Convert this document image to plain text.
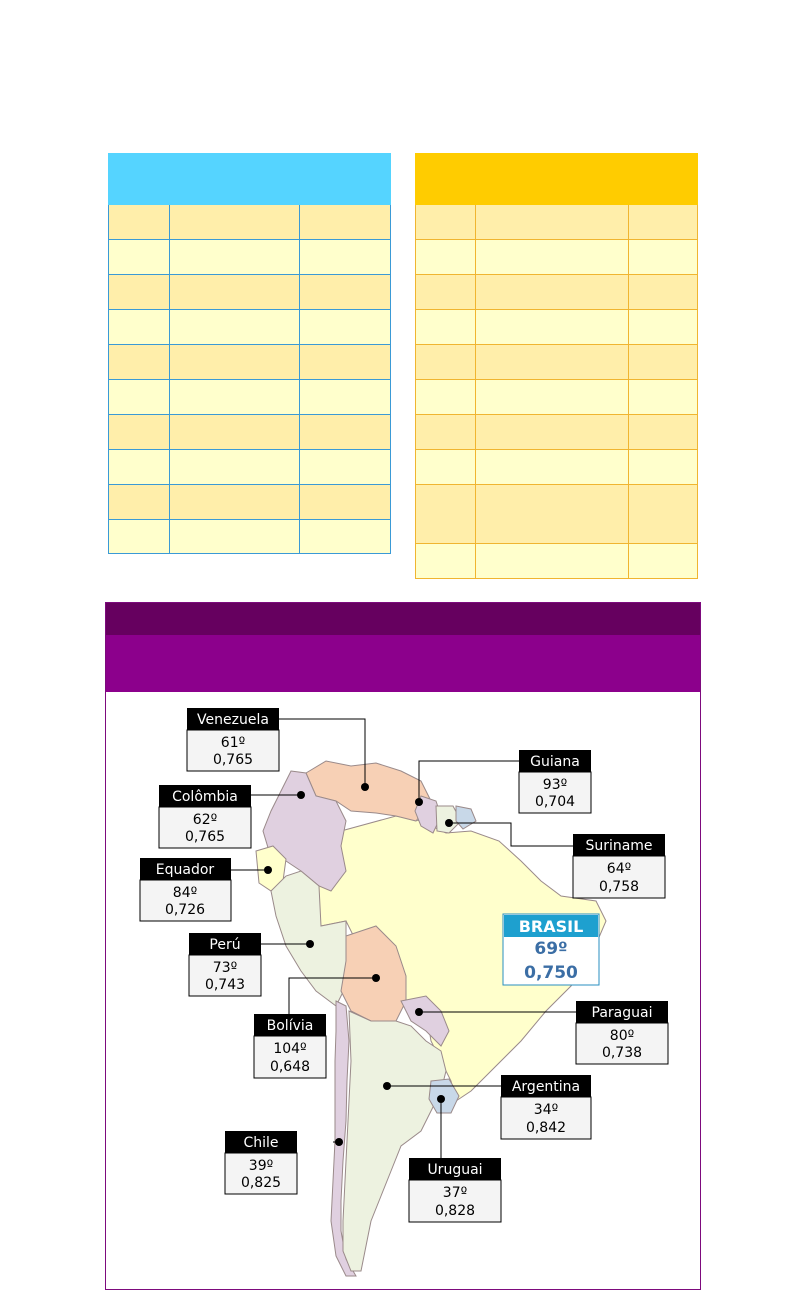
Venezuela
61º
0,765
Colômbia
62º
0,765
Equador
84º
0,726
Perú
73º
0,743
Bolívia
104º
0,648
Chile
39º
0,825
Guiana
93º
0,704
Suriname
64º
0,758
BRASIL
69º
0,750
Paraguai
80º
0,738
Argentina
34º
0,842
Uruguai
37º
0,828
